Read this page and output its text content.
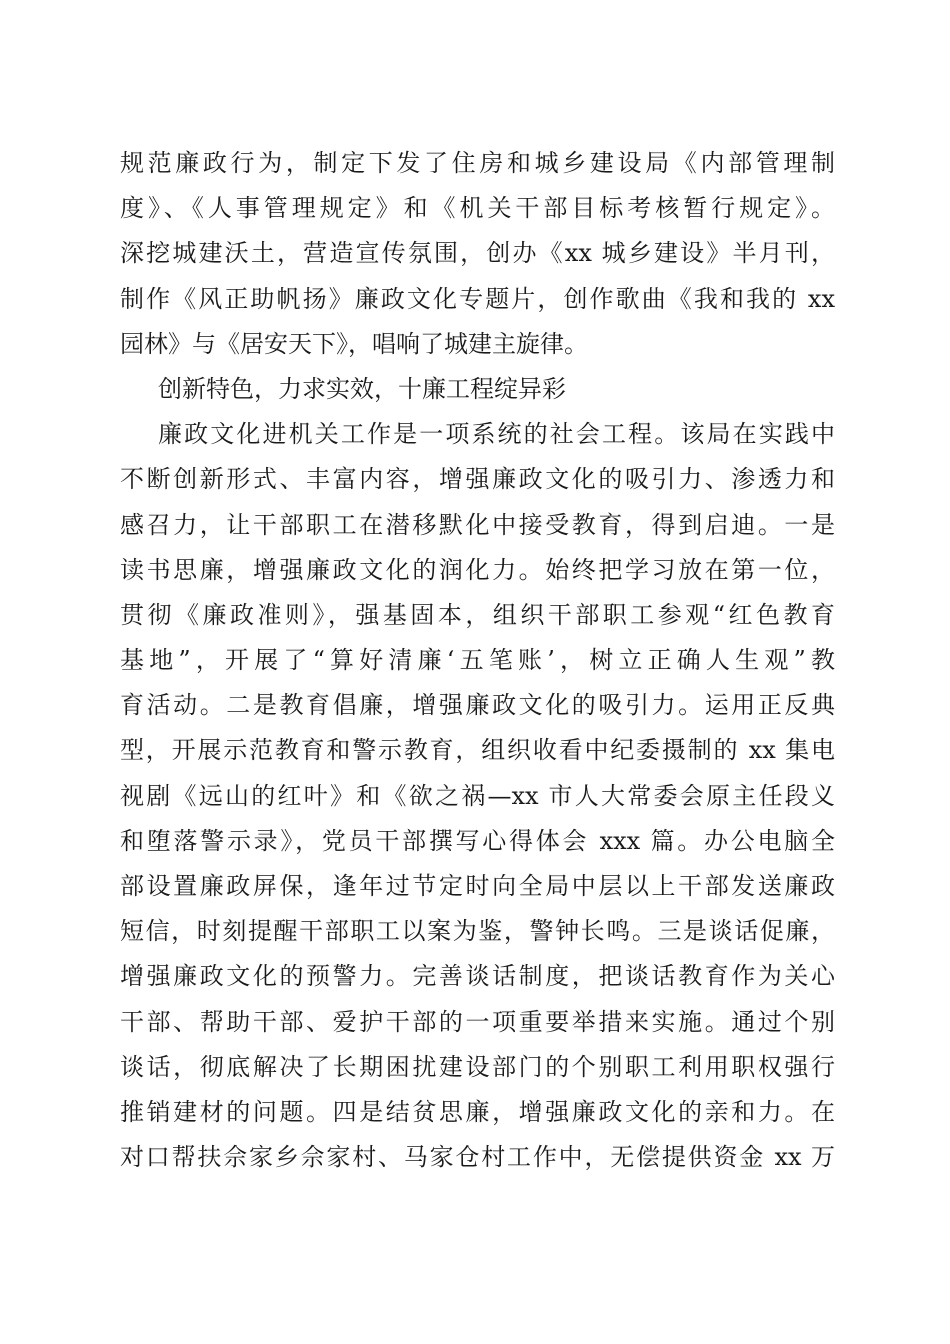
规范廉政行为，制定下发了住房和城乡建设局《内部管理制
度》、《人事管理规定》和《机关干部目标考核暂行规定》。
深挖城建沃土，营造宣传氛围，创办《xx 城乡建设》半月刊，
制作《风正助帆扬》廉政文化专题片，创作歌曲《我和我的 xx
园林》与《居安天下》，唱响了城建主旋律。
创新特色，力求实效，十廉工程绽异彩
廉政文化进机关工作是一项系统的社会工程。该局在实践中
不断创新形式、丰富内容，增强廉政文化的吸引力、渗透力和
感召力，让干部职工在潜移默化中接受教育，得到启迪。一是
读书思廉，增强廉政文化的润化力。始终把学习放在第一位，
贯彻《廉政准则》，强基固本，组织干部职工参观“红色教育
基地”，开展了“算好清廉‘五笔账’，树立正确人生观”教
育活动。二是教育倡廉，增强廉政文化的吸引力。运用正反典
型，开展示范教育和警示教育，组织收看中纪委摄制的 xx 集电
视剧《远山的红叶》和《欲之祸—xx 市人大常委会原主任段义
和堕落警示录》，党员干部撰写心得体会 xxx 篇。办公电脑全
部设置廉政屏保，逢年过节定时向全局中层以上干部发送廉政
短信，时刻提醒干部职工以案为鉴，警钟长鸣。三是谈话促廉，
增强廉政文化的预警力。完善谈话制度，把谈话教育作为关心
干部、帮助干部、爱护干部的一项重要举措来实施。通过个别
谈话，彻底解决了长期困扰建设部门的个别职工利用职权强行
推销建材的问题。四是结贫思廉，增强廉政文化的亲和力。在
对口帮扶佘家乡佘家村、马家仓村工作中，无偿提供资金 xx 万
